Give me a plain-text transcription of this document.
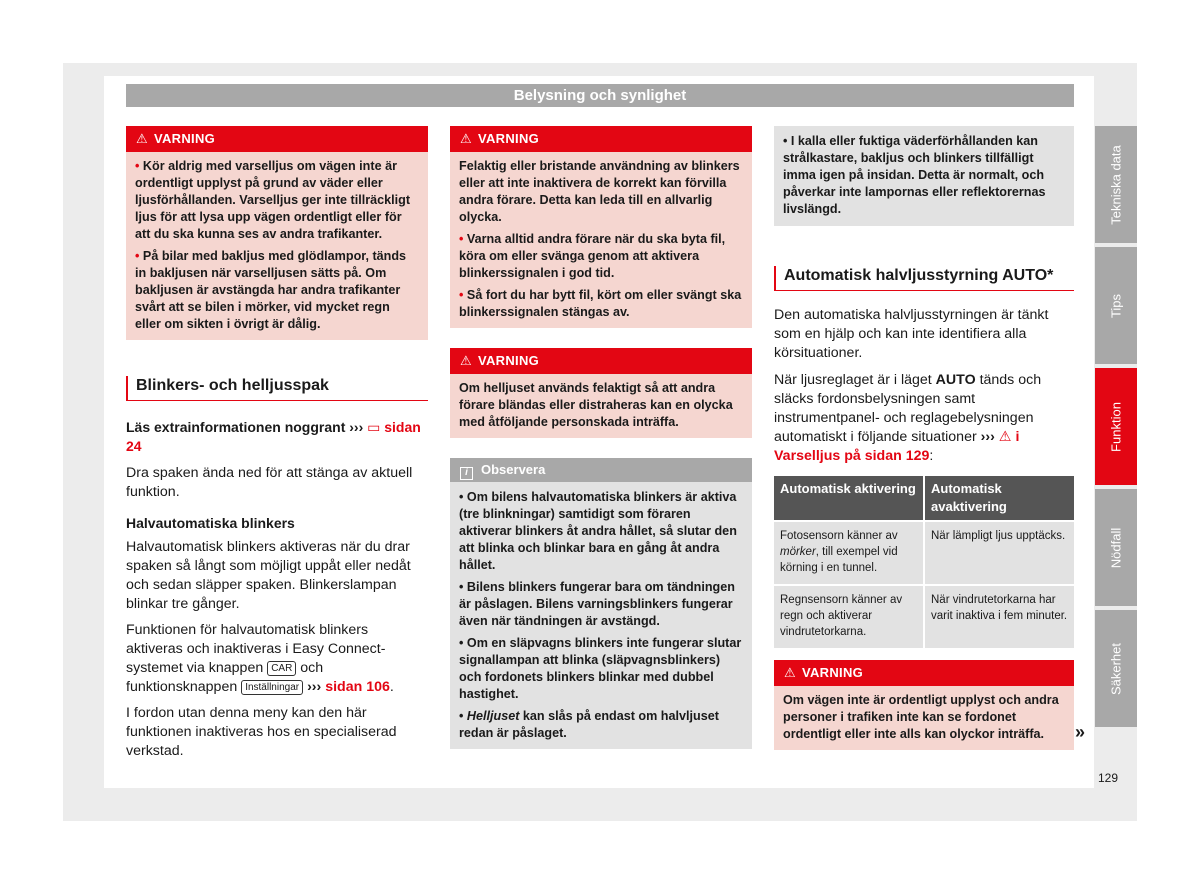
Belysning och synlighet
⚠ VARNING

• Kör aldrig med varselljus om vägen inte är ordentligt upplyst på grund av väder eller ljusförhållanden. Varselljus ger inte tillräckligt ljus för att lysa upp vägen ordentligt eller för att du ska kunna ses av andra trafikanter.

• På bilar med bakljus med glödlampor, tänds in bakljusen när varselljusen sätts på. Om bakljusen är avstängda har andra trafikanter svårt att se bilen i mörker, vid mycket regn eller om sikten i övrigt är dålig.

Blinkers- och helljusspak

Läs extrainformationen noggrant ››› ▭ sidan 24

Dra spaken ända ned för att stänga av aktuell funktion.

Halvautomatiska blinkers

Halvautomatisk blinkers aktiveras när du drar spaken så långt som möjligt uppåt eller nedåt och sedan släpper spaken. Blinkerslampan blinkar tre gånger.

Funktionen för halvautomatisk blinkers aktiveras och inaktiveras i Easy Connect-systemet via knappen CAR och funktionsknappen Inställningar ››› sidan 106.

I fordon utan denna meny kan den här funktionen inaktiveras hos en specialiserad verkstad.

⚠ VARNING

Felaktig eller bristande användning av blinkers eller att inte inaktivera de korrekt kan förvilla andra förare. Detta kan leda till en allvarlig olycka.

• Varna alltid andra förare när du ska byta fil, köra om eller svänga genom att aktivera blinkerssignalen i god tid.

• Så fort du har bytt fil, kört om eller svängt ska blinkerssignalen stängas av.

⚠ VARNING

Om helljuset används felaktigt så att andra förare bländas eller distraheras kan en olycka med åtföljande personskada inträffa.

i Observera

• Om bilens halvautomatiska blinkers är aktiva (tre blinkningar) samtidigt som föraren aktiverar blinkers åt andra hållet, så slutar den att blinka och blinkar bara en gång åt andra hållet.

• Bilens blinkers fungerar bara om tändningen är påslagen. Bilens varningsblinkers fungerar även när tändningen är avstängd.

• Om en släpvagns blinkers inte fungerar slutar signallampan att blinka (släpvagnsblinkers) och fordonets blinkers blinkar med dubbel hastighet.

• Helljuset kan slås på endast om halvljuset redan är påslaget.

• I kalla eller fuktiga väderförhållanden kan strålkastare, bakljus och blinkers tillfälligt imma igen på insidan. Detta är normalt, och påverkar inte lampornas eller reflektorernas livslängd.

Automatisk halvljusstyrning AUTO*

Den automatiska halvljusstyrningen är tänkt som en hjälp och kan inte identifiera alla körsituationer.

När ljusreglaget är i läget AUTO tänds och släcks fordonsbelysningen samt instrumentpanel- och reglagebelysningen automatiskt i följande situationer ››› ⚠ i Varselljus på sidan 129:

Automatisk aktivering	Automatisk avaktivering
Fotosensorn känner av mörker, till exempel vid körning i en tunnel.	När lämpligt ljus upptäcks.
Regnsensorn känner av regn och aktiverar vindrutetorkarna.	När vindrutetorkarna har varit inaktiva i fem minuter.
⚠ VARNING

Om vägen inte är ordentligt upplyst och andra personer i trafiken inte kan se fordonet ordentligt eller inte alls kan olyckor inträffa.	»
Tekniska data
Tips
Funktion
Nödfall
Säkerhet
129
